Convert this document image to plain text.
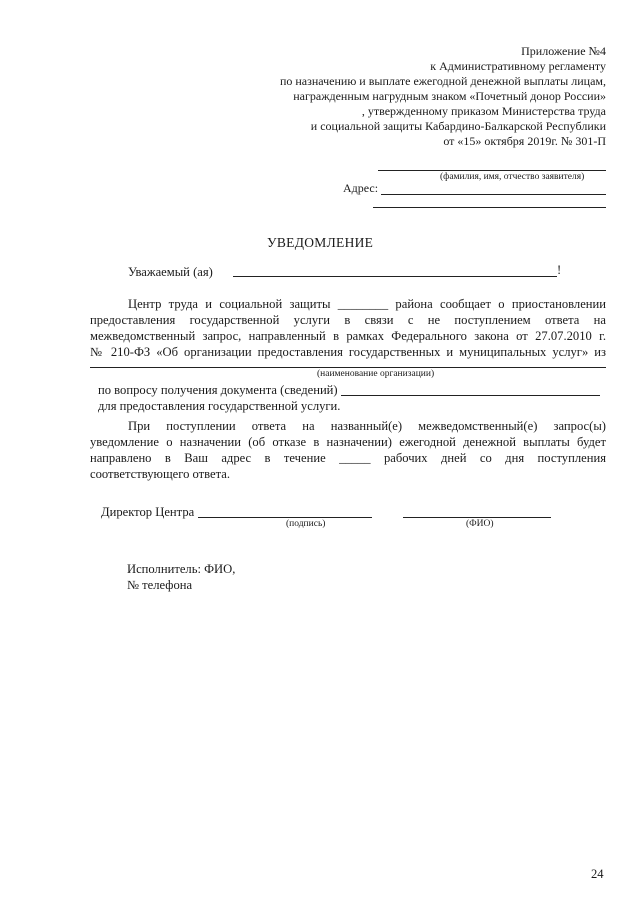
Приложение №4
к Административному регламенту
по назначению и выплате ежегодной денежной выплаты лицам,
награжденным нагрудным знаком «Почетный донор России»
, утвержденному приказом Министерства труда
и социальной защиты Кабардино-Балкарской Республики
от «15» октября 2019г. № 301-П
(фамилия, имя, отчество заявителя)
Адрес:
УВЕДОМЛЕНИЕ
Уважаемый (ая)	!
Центр труда и социальной защиты ________ района сообщает о приостановлении
предоставления государственной услуги в связи с не поступлением ответа на
межведомственный запрос, направленный в рамках Федерального закона от 27.07.2010 г.
№ 210-ФЗ «Об организации предоставления государственных и муниципальных услуг» из
(наименование организации)
по вопросу получения документа (сведений)
для предоставления государственной услуги.
При поступлении ответа на названный(е) межведомственный(е) запрос(ы)
уведомление о назначении (об отказе в назначении) ежегодной денежной выплаты будет
направлено в Ваш адрес в течение _____ рабочих дней со дня поступления
соответствующего ответа.
Директор Центра
(подпись)	(ФИО)
Исполнитель: ФИО,
№ телефона
24
